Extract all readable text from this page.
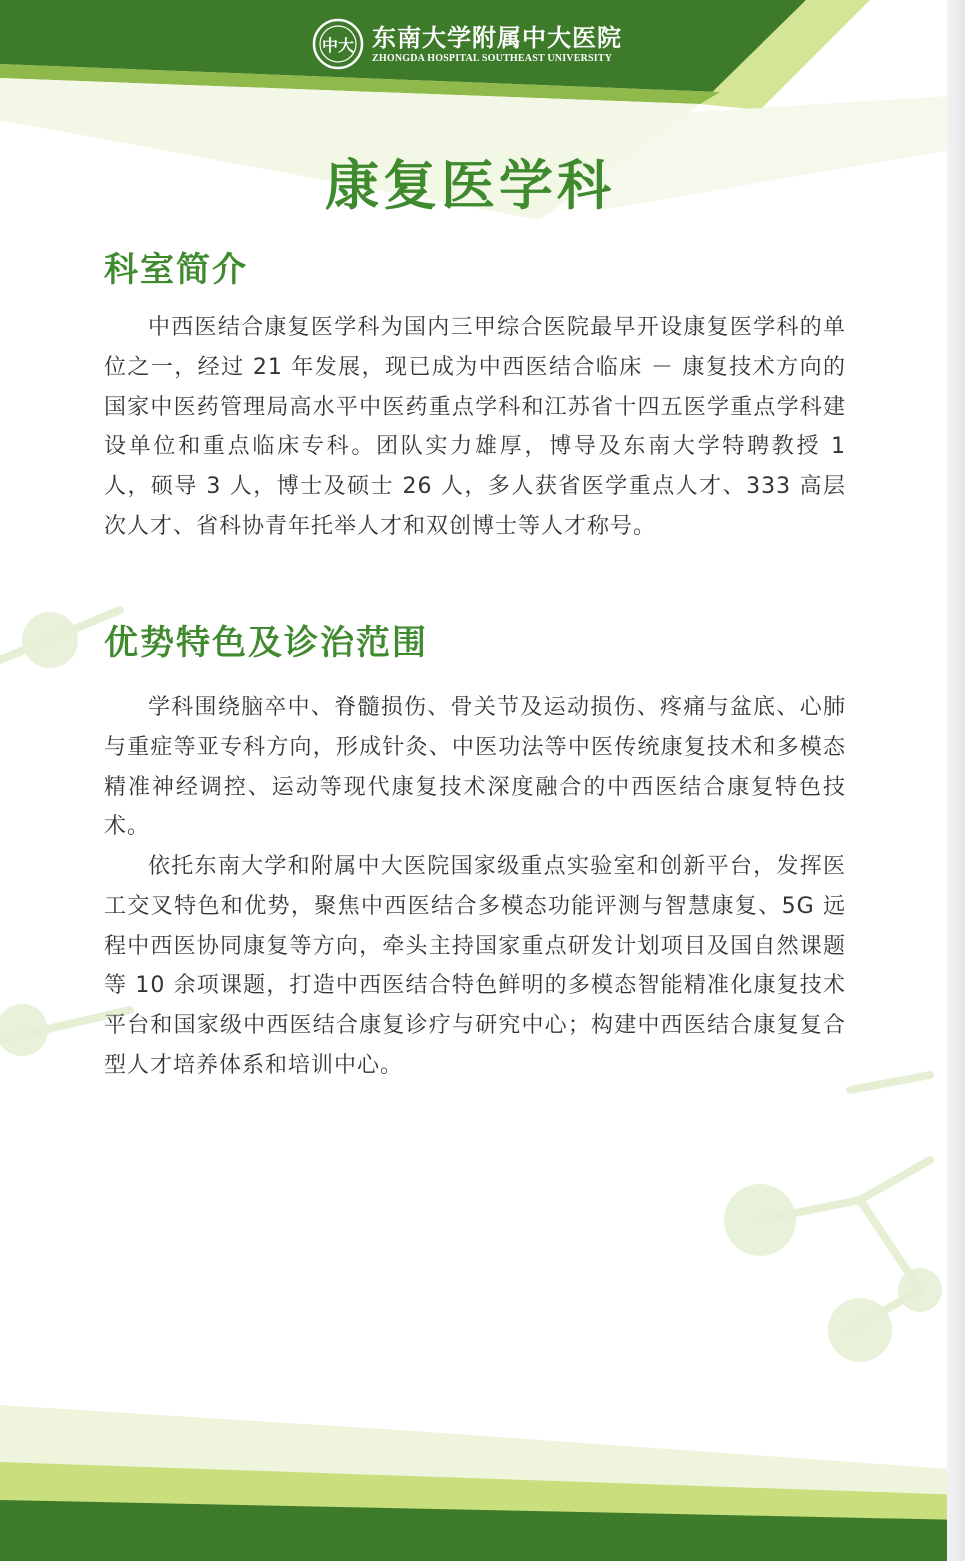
中大 东南大学附属中大医院
ZHONGDA HOSPITAL SOUTHEAST UNIVERSITY
康复医学科
科室简介

中西医结合康复医学科为国内三甲综合医院最早开设康复医学科的单位之一，经过 21 年发展，现已成为中西医结合临床 － 康复技术方向的国家中医药管理局高水平中医药重点学科和江苏省十四五医学重点学科建设单位和重点临床专科。团队实力雄厚，博导及东南大学特聘教授 1 人，硕导 3 人，博士及硕士 26 人，多人获省医学重点人才、333 高层次人才、省科协青年托举人才和双创博士等人才称号。

优势特色及诊治范围

学科围绕脑卒中、脊髓损伤、骨关节及运动损伤、疼痛与盆底、心肺与重症等亚专科方向，形成针灸、中医功法等中医传统康复技术和多模态精准神经调控、运动等现代康复技术深度融合的中西医结合康复特色技术。

依托东南大学和附属中大医院国家级重点实验室和创新平台，发挥医工交叉特色和优势，聚焦中西医结合多模态功能评测与智慧康复、5G 远程中西医协同康复等方向，牵头主持国家重点研发计划项目及国自然课题等 10 余项课题，打造中西医结合特色鲜明的多模态智能精准化康复技术平台和国家级中西医结合康复诊疗与研究中心；构建中西医结合康复复合型人才培养体系和培训中心。
